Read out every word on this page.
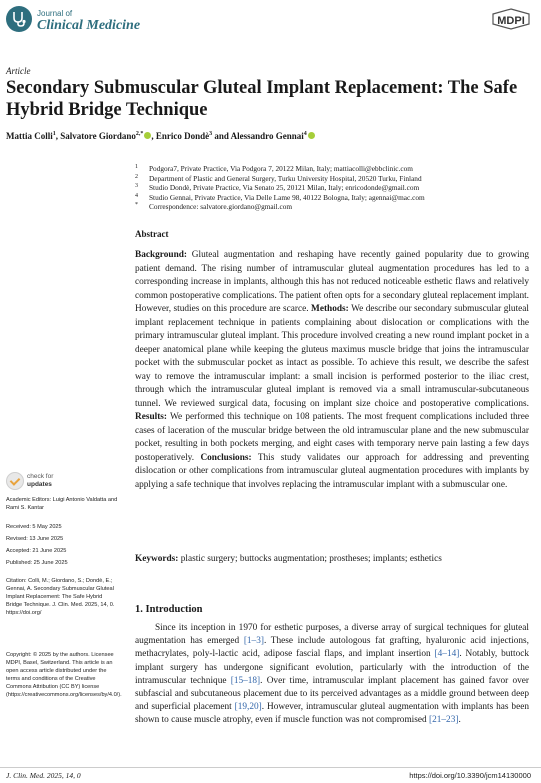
Journal of
Clinical Medicine	MDPI
Article
Secondary Submuscular Gluteal Implant Replacement: The Safe Hybrid Bridge Technique
Mattia Colli$^1$, Salvatore Giordano$^{2,*}$ , Enrico Dondè$^3$ and Alessandro Gennai$^4$
1 Podgora7, Private Practice, Via Podgora 7, 20122 Milan, Italy; mattiacolli@ebbclinic.com
2 Department of Plastic and General Surgery, Turku University Hospital, 20520 Turku, Finland
3 Studio Dondè, Private Practice, Via Senato 25, 20121 Milan, Italy; enricodonde@gmail.com
4 Studio Gennai, Private Practice, Via Delle Lame 98, 40122 Bologna, Italy; agennai@mac.com
* Correspondence: salvatore.giordano@gmail.com
Abstract
Background: Gluteal augmentation and reshaping have recently gained popularity due to growing patient demand. The rising number of intramuscular gluteal augmentation procedures has led to a corresponding increase in implants, although this has not reduced noticeable esthetic flaws and relatively common postoperative complications. The patient often opts for a secondary gluteal replacement implant. However, studies on this procedure are scarce. Methods: We describe our secondary submuscular gluteal implant replacement technique in patients complaining about dislocation or complications with the primary intramuscular gluteal implant. This procedure involved creating a new round implant pocket in a deeper anatomical plane while keeping the gluteus maximus muscle bridge that joins the intramuscular pocket with the submuscular pocket as intact as possible. To achieve this result, we describe the safest way to remove the intramuscular implant: a small incision is performed posterior to the iliac crest, through which the intramuscular gluteal implant is removed via a small intramuscular-subcutaneous tunnel. We reviewed surgical data, focusing on implant size choice and postoperative complications. Results: We performed this technique on 108 patients. The most frequent complications included three cases of laceration of the muscular bridge between the old intramuscular plane and the new submuscular pocket, resulting in both pockets merging, and eight cases with temporary nerve pain lasting a few days postoperatively. Conclusions: This study validates our approach for addressing and preventing dislocation or other complications from intramuscular gluteal augmentation procedures with implants by applying a safe technique that involves replacing the intramuscular implant with a submuscular one.
Keywords: plastic surgery; buttocks augmentation; prostheses; implants; esthetics
check for
updates
Academic Editors: Luigi Antonio Valdatta and Rami S. Kantar
Received: 5 May 2025
Revised: 13 June 2025
Accepted: 21 June 2025
Published: 25 June 2025
Citation: Colli, M.; Giordano, S.; Dondè, E.; Gennai, A. Secondary Submuscular Gluteal Implant Replacement: The Safe Hybrid Bridge Technique. J. Clin. Med. 2025, 14, 0. https://doi.org/
Copyright: © 2025 by the authors. Licensee MDPI, Basel, Switzerland. This article is an open access article distributed under the terms and conditions of the Creative Commons Attribution (CC BY) license (https://creativecommons.org/licenses/by/4.0/).
1. Introduction
Since its inception in 1970 for esthetic purposes, a diverse array of surgical techniques for gluteal augmentation has emerged [1–3]. These include autologous fat grafting, hyaluronic acid injections, methacrylates, poly-l-lactic acid, adipose fascial flaps, and implant insertion [4–14]. Notably, buttock implant surgery has undergone significant evolution, particularly with the introduction of the intramuscular technique [15–18]. Over time, intramuscular implant placement has gained favor over subfascial and subcutaneous placement due to its perceived advantages as a middle ground between deep and superficial placement [19,20]. However, intramuscular gluteal augmentation with implants has been shown to cause muscle atrophy, even if muscle function was not compromised [21–23].
J. Clin. Med. 2025, 14, 0	https://doi.org/10.3390/jcm14130000
